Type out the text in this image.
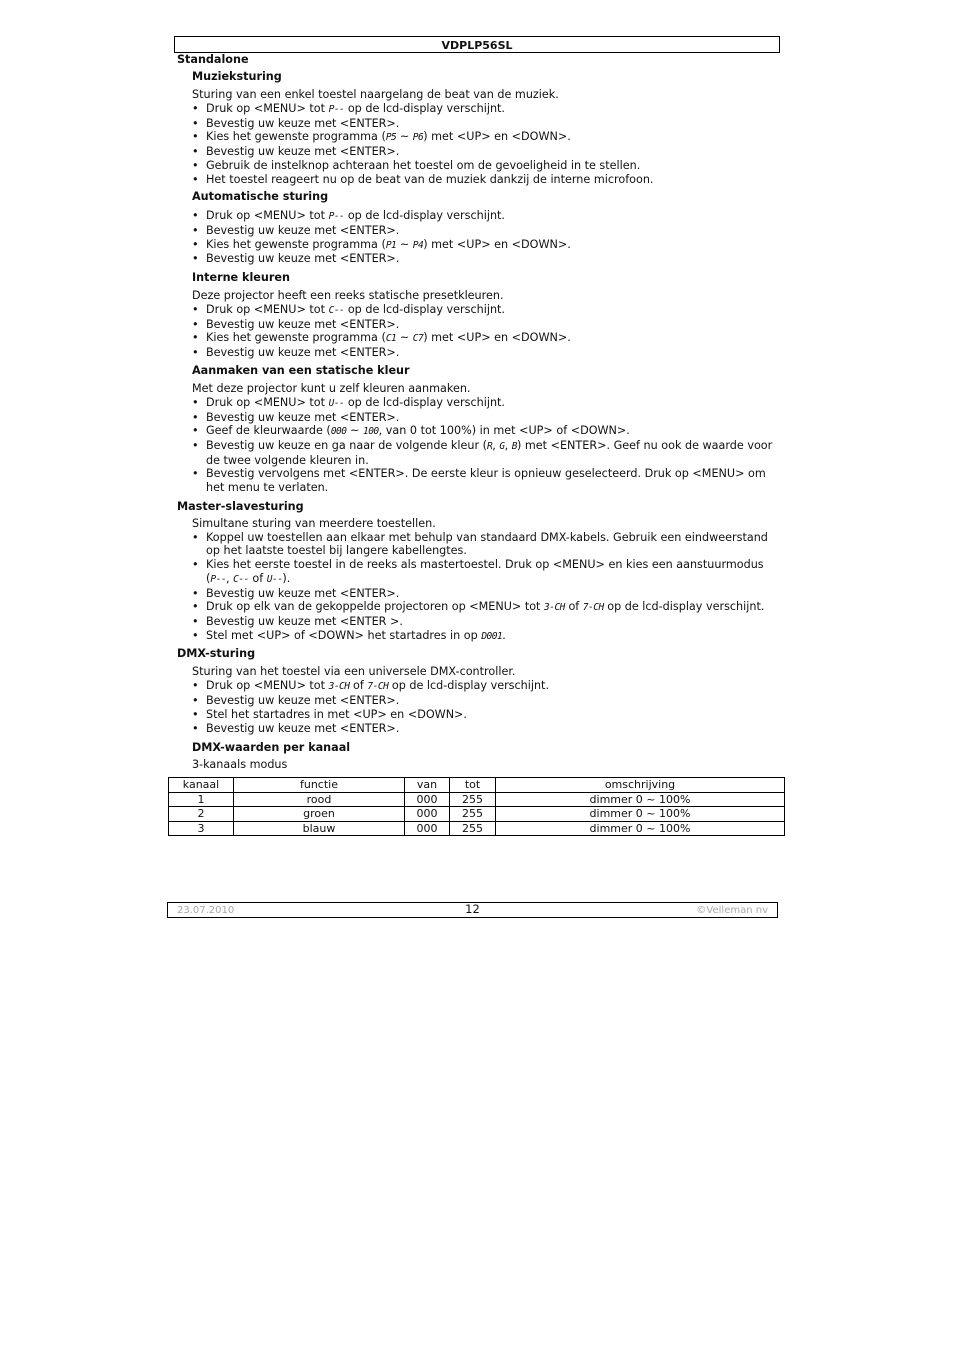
VDPLP56SL
Standalone
Muzieksturing
Sturing van een enkel toestel naargelang de beat van de muziek.
• Druk op <MENU> tot P-- op de lcd-display verschijnt.
• Bevestig uw keuze met <ENTER>.
• Kies het gewenste programma (P5 ~ P6) met <UP> en <DOWN>.
• Bevestig uw keuze met <ENTER>.
• Gebruik de instelknop achteraan het toestel om de gevoeligheid in te stellen.
• Het toestel reageert nu op de beat van de muziek dankzij de interne microfoon.
Automatische sturing
• Druk op <MENU> tot P-- op de lcd-display verschijnt.
• Bevestig uw keuze met <ENTER>.
• Kies het gewenste programma (P1 ~ P4) met <UP> en <DOWN>.
• Bevestig uw keuze met <ENTER>.
Interne kleuren
Deze projector heeft een reeks statische presetkleuren.
• Druk op <MENU> tot C-- op de lcd-display verschijnt.
• Bevestig uw keuze met <ENTER>.
• Kies het gewenste programma (C1 ~ C7) met <UP> en <DOWN>.
• Bevestig uw keuze met <ENTER>.
Aanmaken van een statische kleur
Met deze projector kunt u zelf kleuren aanmaken.
• Druk op <MENU> tot U-- op de lcd-display verschijnt.
• Bevestig uw keuze met <ENTER>.
• Geef de kleurwaarde (000 ~ 100, van 0 tot 100%) in met <UP> of <DOWN>.
• Bevestig uw keuze en ga naar de volgende kleur (R, G, B) met <ENTER>. Geef nu ook de waarde voor de twee volgende kleuren in.
• Bevestig vervolgens met <ENTER>. De eerste kleur is opnieuw geselecteerd. Druk op <MENU> om het menu te verlaten.
Master-slavesturing
Simultane sturing van meerdere toestellen.
• Koppel uw toestellen aan elkaar met behulp van standaard DMX-kabels. Gebruik een eindweerstand op het laatste toestel bij langere kabellengtes.
• Kies het eerste toestel in de reeks als mastertoestel. Druk op <MENU> en kies een aanstuurmodus (P--, C-- of U--).
• Bevestig uw keuze met <ENTER>.
• Druk op elk van de gekoppelde projectoren op <MENU> tot 3-CH of 7-CH op de lcd-display verschijnt.
• Bevestig uw keuze met <ENTER >.
• Stel met <UP> of <DOWN> het startadres in op D001.
DMX-sturing
Sturing van het toestel via een universele DMX-controller.
• Druk op <MENU> tot 3-CH of 7-CH op de lcd-display verschijnt.
• Bevestig uw keuze met <ENTER>.
• Stel het startadres in met <UP> en <DOWN>.
• Bevestig uw keuze met <ENTER>.
DMX-waarden per kanaal
3-kanaals modus
kanaal	functie	van	tot	omschrijving
1	rood	000	255	dimmer 0 ~ 100%
2	groen	000	255	dimmer 0 ~ 100%
3	blauw	000	255	dimmer 0 ~ 100%
23.07.2010	12	©Velleman nv
